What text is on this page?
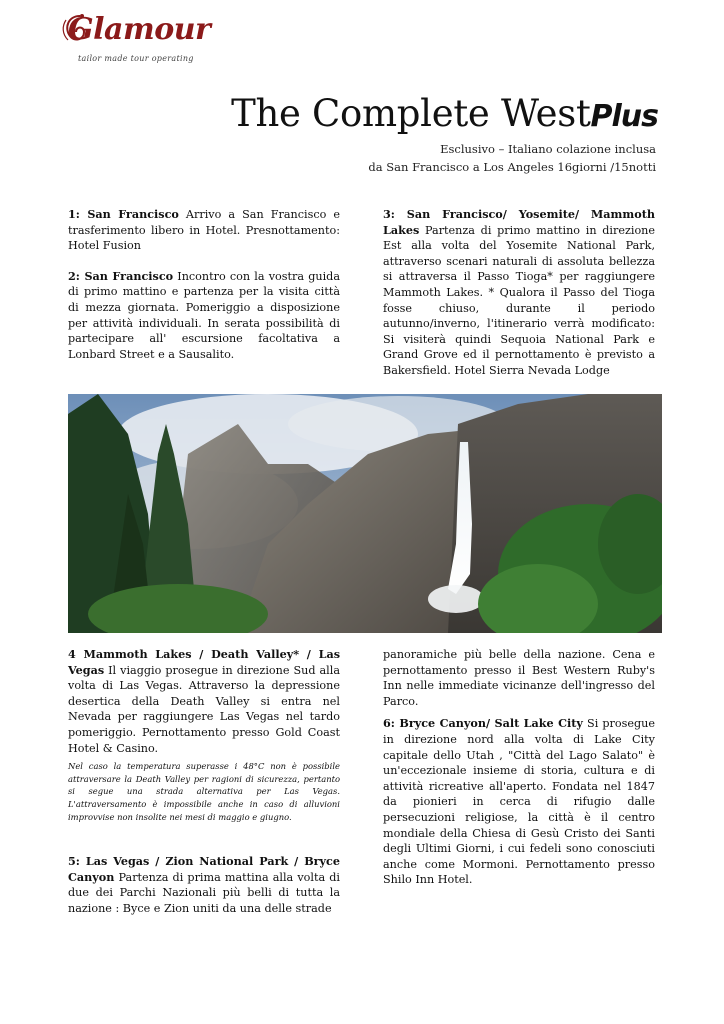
Glamour
tailor made tour operating
The Complete WestPlus
Esclusivo – Italiano colazione inclusa
da San Francisco a Los Angeles 16giorni /15notti

1: San Francisco Arrivo a San Francisco e trasferimento libero in Hotel. Presnottamento: Hotel Fusion

2: San Francisco Incontro con la vostra guida di primo mattino e partenza per la visita città di mezza giornata. Pomeriggio a disposizione per attività individuali. In serata possibilità di partecipare all' escursione facoltativa a Lonbard Street e a Sausalito.

3: San Francisco/ Yosemite/ Mammoth Lakes Partenza di primo mattino in direzione Est alla volta del Yosemite National Park, attraverso scenari naturali di assoluta bellezza si attraversa il Passo Tioga* per raggiungere Mammoth Lakes. * Qualora il Passo del Tioga fosse chiuso, durante il periodo autunno/inverno, l'itinerario verrà modificato: Si visiterà quindi Sequoia National Park e Grand Grove ed il pernottamento è previsto a Bakersfield. Hotel Sierra Nevada Lodge

4 Mammoth Lakes / Death Valley* / Las Vegas Il viaggio prosegue in direzione Sud alla volta di Las Vegas. Attraverso la depressione desertica della Death Valley si entra nel Nevada per raggiungere Las Vegas nel tardo pomeriggio. Pernottamento presso Gold Coast Hotel & Casino.

Nel caso la temperatura superasse i 48°C non è possibile attraversare la Death Valley per ragioni di sicurezza, pertanto si segue una strada alternativa per Las Vegas. L'attraversamento è impossibile anche in caso di alluvioni improvvise non insolite nei mesi di maggio e giugno.

5: Las Vegas / Zion National Park / Bryce Canyon Partenza di prima mattina alla volta di due dei Parchi Nazionali più belli di tutta la nazione : Byce e Zion uniti da una delle strade

panoramiche più belle della nazione. Cena e pernottamento presso il Best Western Ruby's Inn nelle immediate vicinanze dell'ingresso del Parco.

6: Bryce Canyon/ Salt Lake City Si prosegue in direzione nord alla volta di Lake City capitale dello Utah , "Città del Lago Salato" è un'eccezionale insieme di storia, cultura e di attività ricreative all'aperto. Fondata nel 1847 da pionieri in cerca di rifugio dalle persecuzioni religiose, la città è il centro mondiale della Chiesa di Gesù Cristo dei Santi degli Ultimi Giorni, i cui fedeli sono conosciuti anche come Mormoni. Pernottamento presso Shilo Inn Hotel.
